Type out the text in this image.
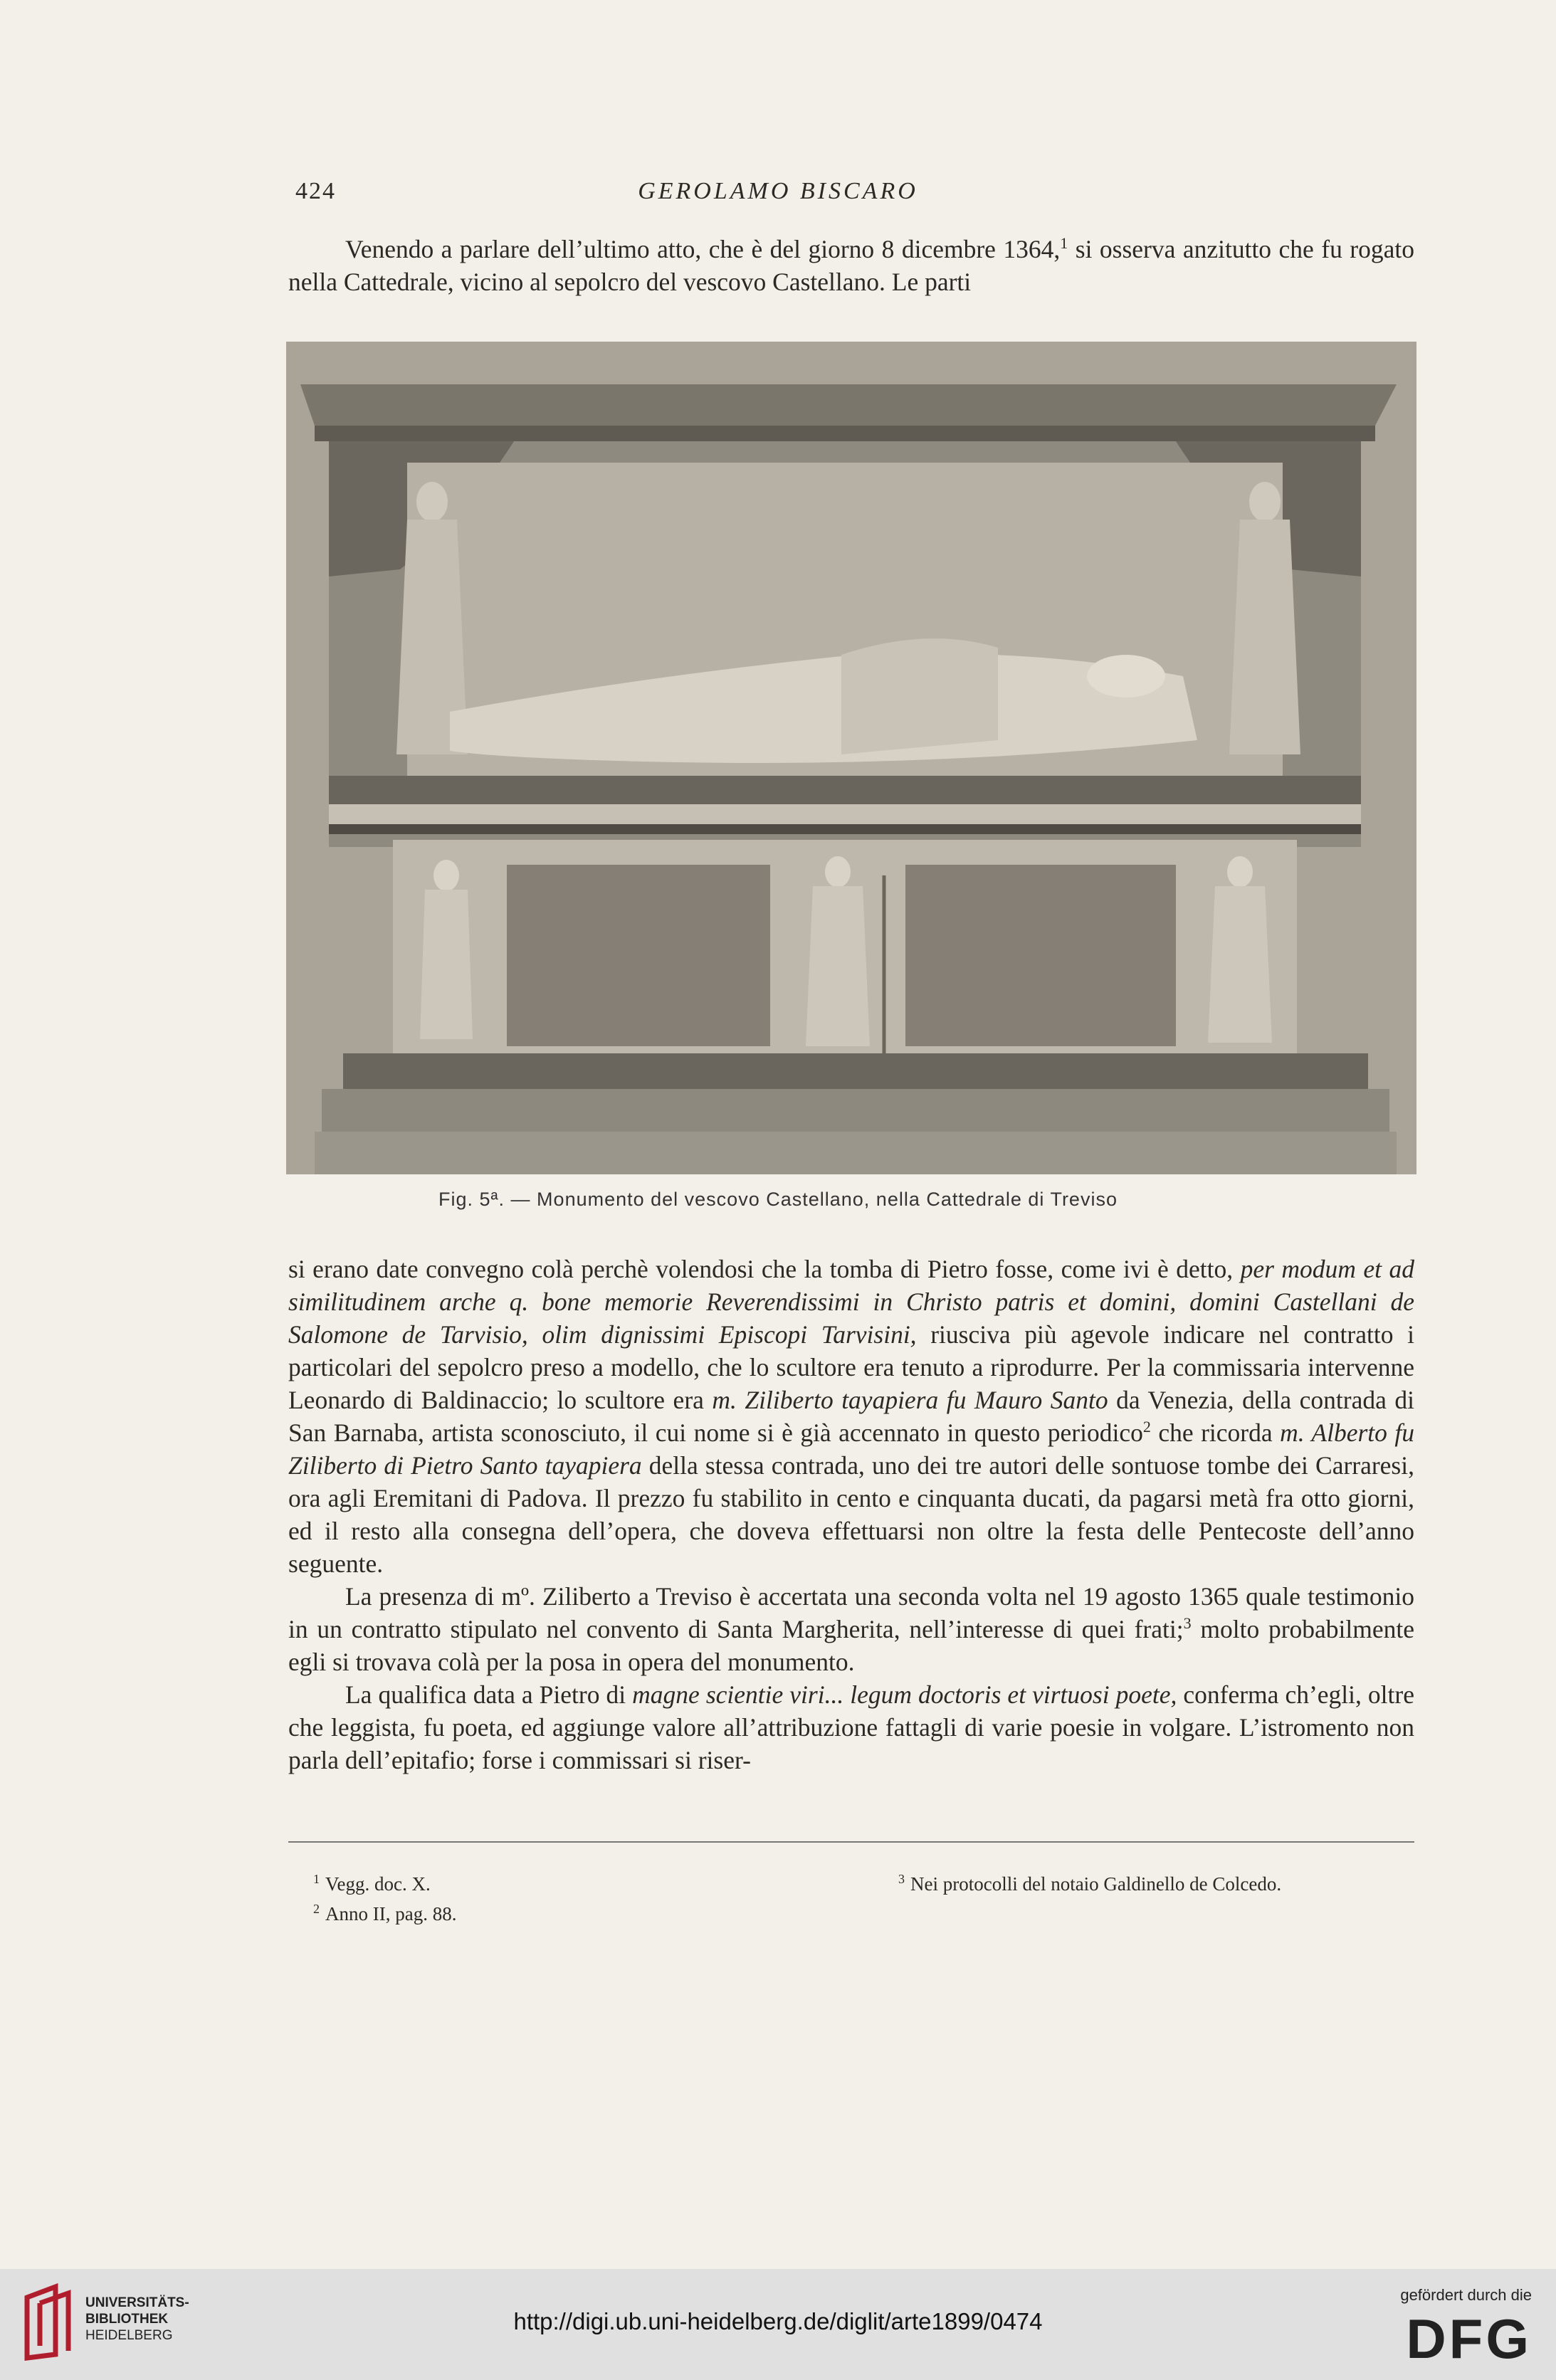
424	GEROLAMO BISCARO

Venendo a parlare dell’ultimo atto, che è del giorno 8 dicembre 1364,$^1$ si osserva anzitutto che fu rogato nella Cattedrale, vicino al sepolcro del vescovo Castellano. Le parti

Fig. 5ª. — Monumento del vescovo Castellano, nella Cattedrale di Treviso

si erano date convegno colà perchè volendosi che la tomba di Pietro fosse, come ivi è detto, per modum et ad similitudinem arche q. bone memorie Reverendissimi in Christo patris et domini, domini Castellani de Salomone de Tarvisio, olim dignissimi Episcopi Tarvisini, riusciva più agevole indicare nel contratto i particolari del sepolcro preso a modello, che lo scultore era tenuto a riprodurre. Per la commissaria intervenne Leonardo di Baldinaccio; lo scultore era m. Ziliberto tayapiera fu Mauro Santo da Venezia, della contrada di San Barnaba, artista sconosciuto, il cui nome si è già accennato in questo periodico$^2$ che ricorda m. Alberto fu Ziliberto di Pietro Santo tayapiera della stessa contrada, uno dei tre autori delle sontuose tombe dei Carraresi, ora agli Eremitani di Padova. Il prezzo fu stabilito in cento e cinquanta ducati, da pagarsi metà fra otto giorni, ed il resto alla consegna dell’opera, che doveva effettuarsi non oltre la festa delle Pentecoste dell’anno seguente.

La presenza di mº. Ziliberto a Treviso è accertata una seconda volta nel 19 agosto 1365 quale testimonio in un contratto stipulato nel convento di Santa Margherita, nell’interesse di quei frati;$^3$ molto probabilmente egli si trovava colà per la posa in opera del monumento.

La qualifica data a Pietro di magne scientie viri... legum doctoris et virtuosi poete, conferma ch’egli, oltre che leggista, fu poeta, ed aggiunge valore all’attribuzione fattagli di varie poesie in volgare. L’istromento non parla dell’epitafio; forse i commissari si riser-

$^1$ Vegg. doc. X.
$^2$ Anno II, pag. 88.
$^3$ Nei protocolli del notaio Galdinello de Colcedo.
UNIVERSITÄTS-
BIBLIOTHEK
HEIDELBERG
http://digi.ub.uni-heidelberg.de/diglit/arte1899/0474
gefördert durch die
DFG
